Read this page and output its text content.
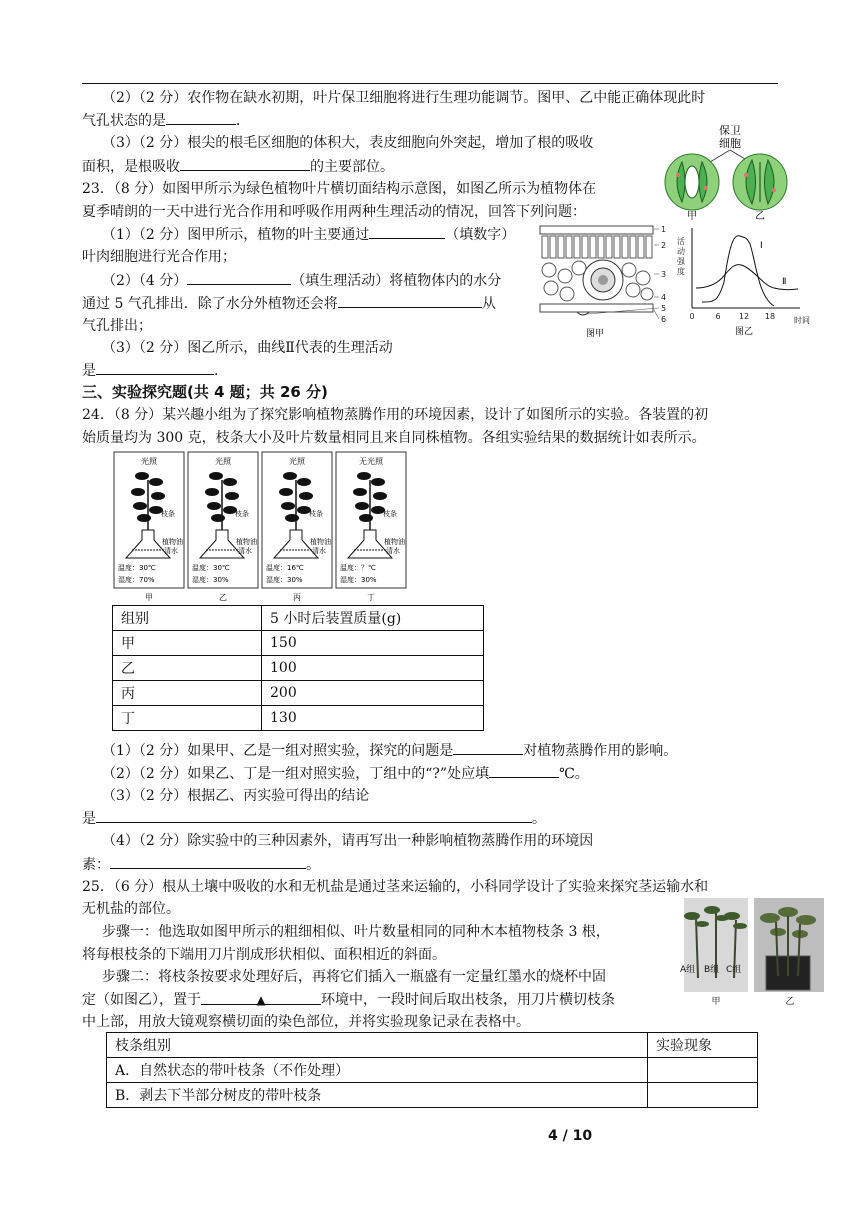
（2）（2 分）农作物在缺水初期，叶片保卫细胞将进行生理功能调节。图甲、乙中能正确体现此时
气孔状态的是	．
（3）（2 分）根尖的根毛区细胞的体积大，表皮细胞向外突起，增加了根的吸收
面积，是根吸收	的主要部位。
保卫
细胞
甲	乙
23．（8 分）如图甲所示为绿色植物叶片横切面结构示意图，如图乙所示为植物体在
夏季晴朗的一天中进行光合作用和呼吸作用两种生理活动的情况，回答下列问题：
（1）（2 分）图甲所示，植物的叶主要通过	（填数字）
叶肉细胞进行光合作用；
（2）（4 分）	（填生理活动）将植物体内的水分
通过 5 气孔排出．除了水分外植物还会将	从
气孔排出；
（3）（2 分）图乙所示，曲线Ⅱ代表的生理活动
是	.
1
2
3
4
5
6
图甲
活
动
强
度
Ⅰ
Ⅱ
0	6 12 18 时间
图乙
三、实验探究题(共 4 题；共 26 分)
24．（8 分）某兴趣小组为了探究影响植物蒸腾作用的环境因素，设计了如图所示的实验。各装置的初
始质量均为 300 克，枝条大小及叶片数量相同且来自同株植物。各组实验结果的数据统计如表所示。
光照
枝条
植物油
清水
温度：30℃
湿度：70%
甲
光照
枝条
植物油
清水
温度：30℃
湿度：30%
乙
光照
枝条
植物油
清水
温度：16℃
湿度：30%
丙
无光照
枝条
植物油
清水
温度：？℃
湿度：30%
丁
组别	5 小时后装置质量(g)
甲	150
乙	100
丙	200
丁	130
（1）（2 分）如果甲、乙是一组对照实验，探究的问题是	对植物蒸腾作用的影响。
（2）（2 分）如果乙、丁是一组对照实验，丁组中的“?”处应填	℃。
（3）（2 分）根据乙、丙实验可得出的结论
是	。
（4）（2 分）除实验中的三种因素外，请再写出一种影响植物蒸腾作用的环境因
素：	。
25．（6 分）根从土壤中吸收的水和无机盐是通过茎来运输的，小科同学设计了实验来探究茎运输水和
无机盐的部位。
步骤一：他选取如图甲所示的粗细相似、叶片数量相同的同种木本植物枝条 3 根，
将每根枝条的下端用刀片削成形状相似、面积相近的斜面。
步骤二：将枝条按要求处理好后，再将它们插入一瓶盛有一定量红墨水的烧杯中固
定（如图乙），置于	▲	环境中，一段时间后取出枝条，用刀片横切枝条
中上部，用放大镜观察横切面的染色部位，并将实验现象记录在表格中。
A组 B组 C组
甲	乙
枝条组别	实验现象
A．自然状态的带叶枝条（不作处理）	
B．剥去下半部分树皮的带叶枝条	
4 / 10
